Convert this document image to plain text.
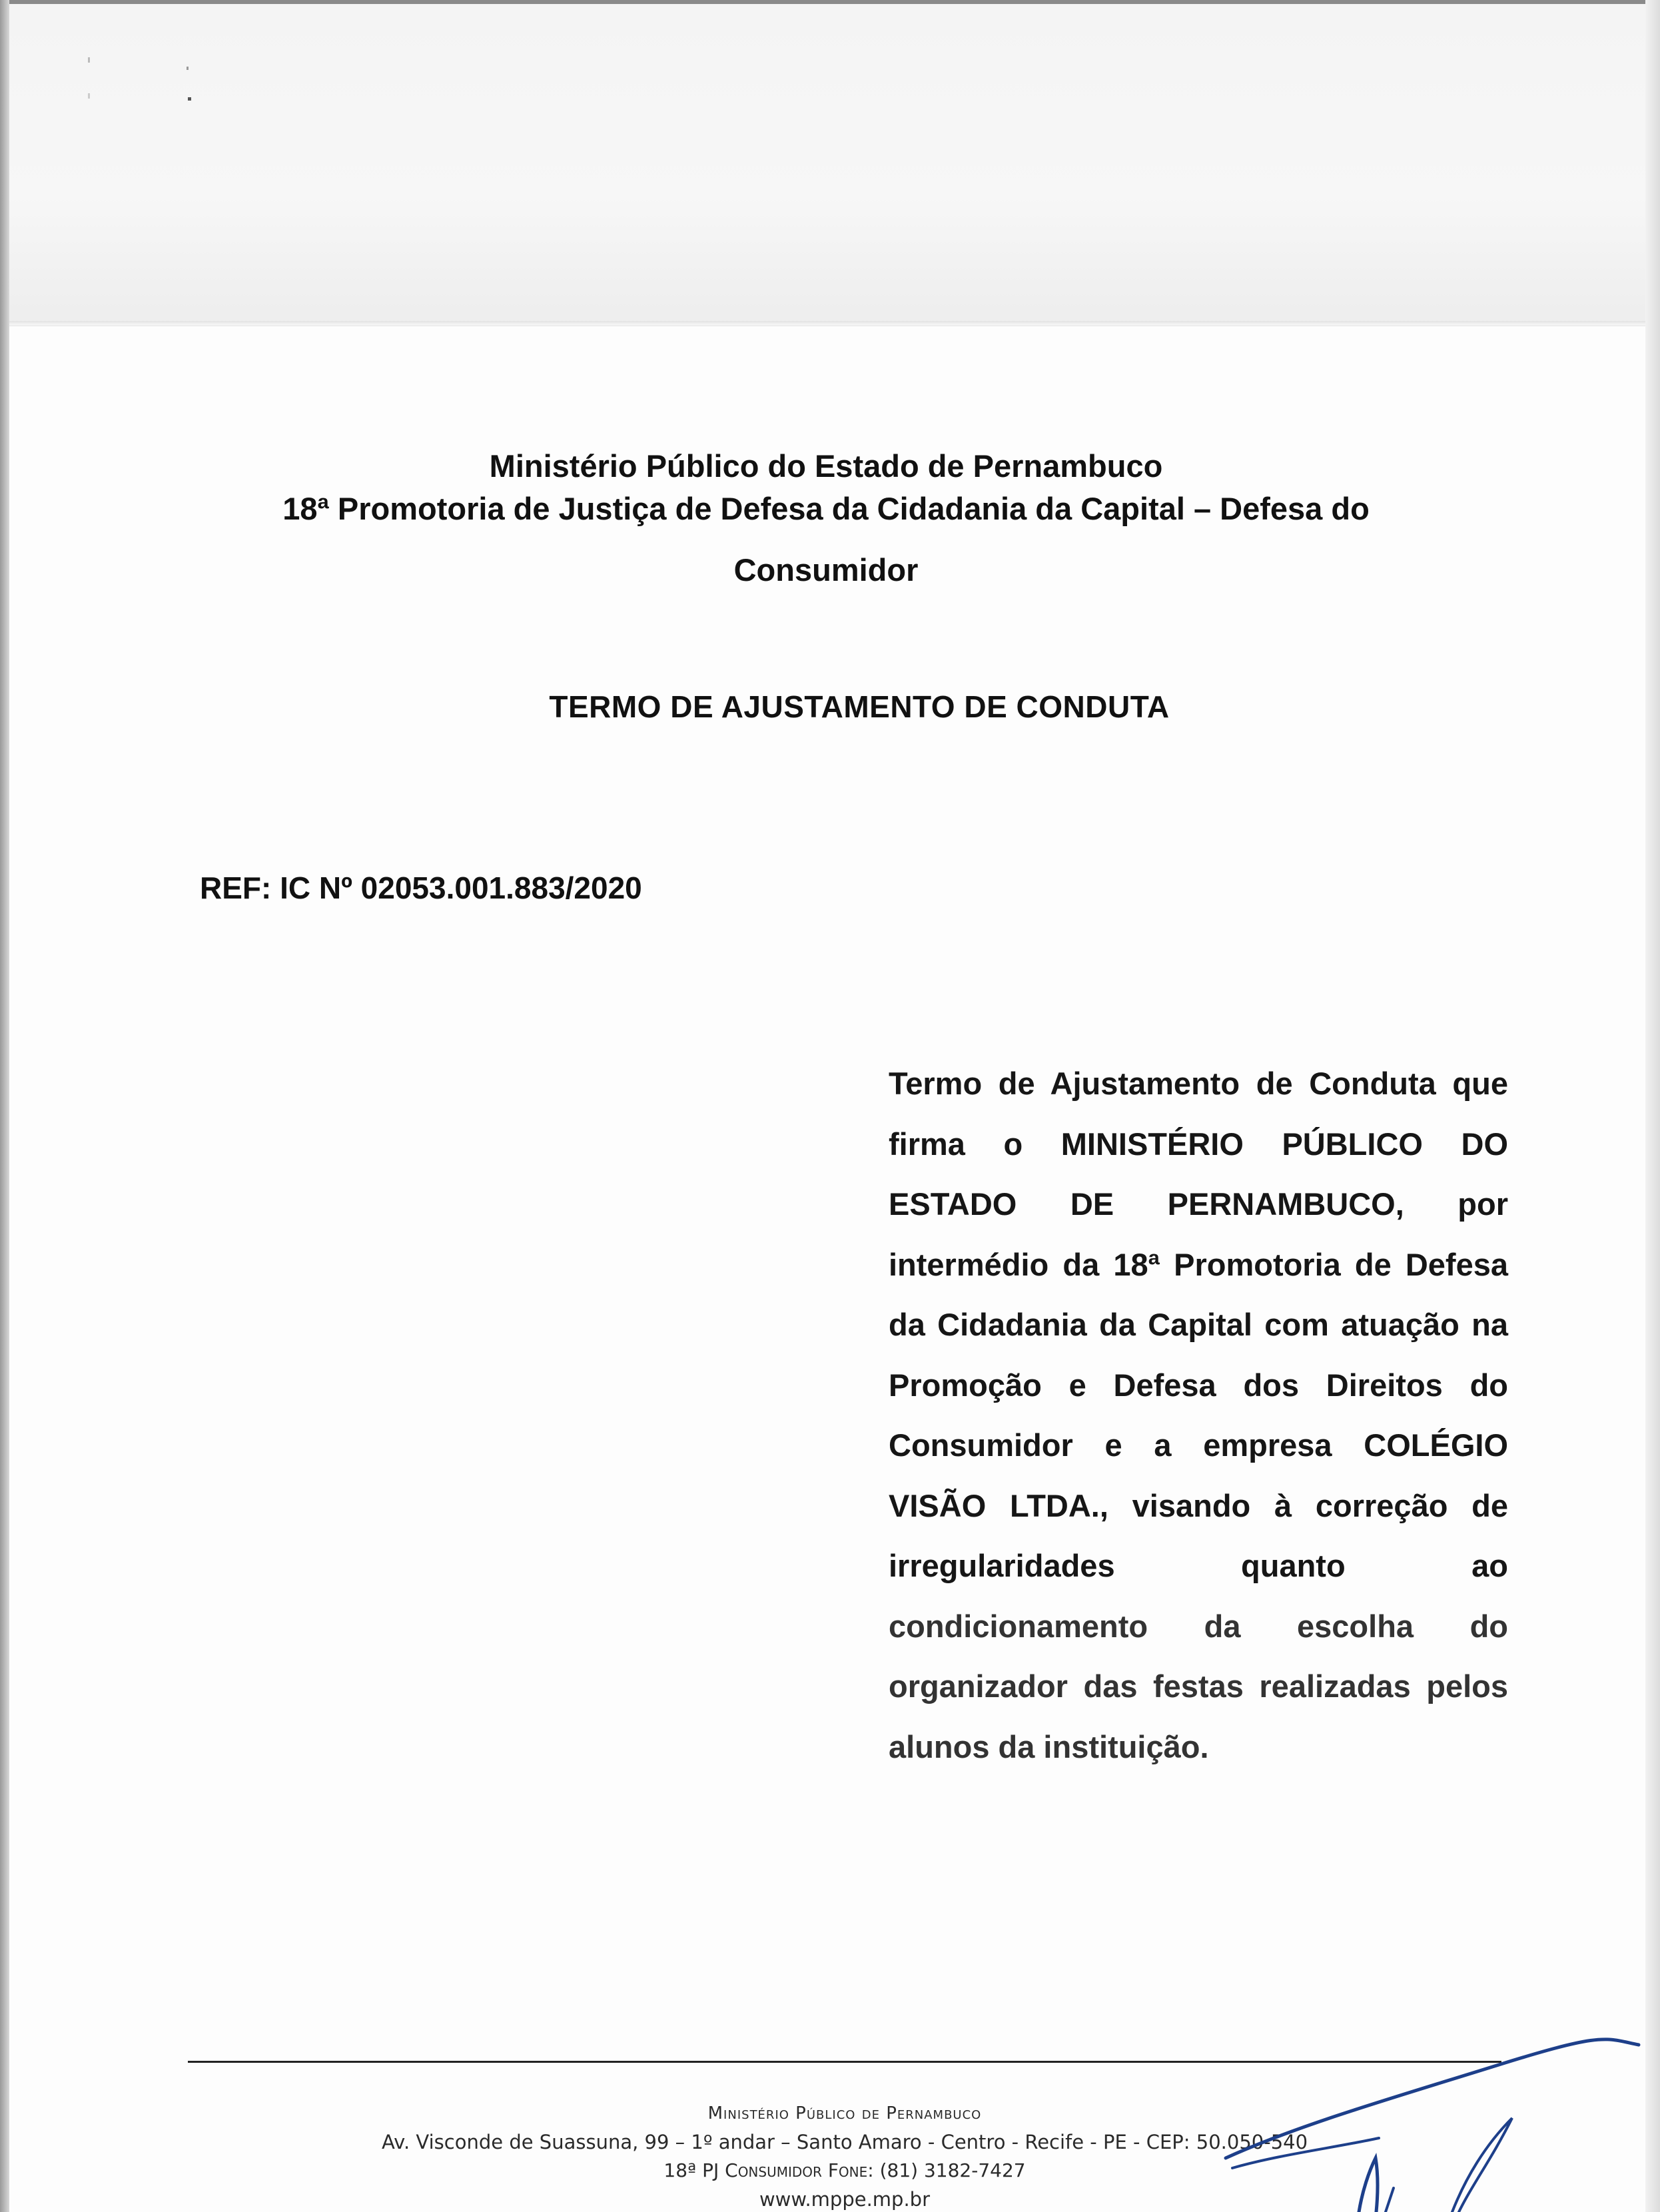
Ministério Público do Estado de Pernambuco
18ª Promotoria de Justiça de Defesa da Cidadania da Capital – Defesa do
Consumidor
TERMO DE AJUSTAMENTO DE CONDUTA
REF: IC Nº 02053.001.883/2020
Termo de Ajustamento de Conduta que firma o MINISTÉRIO PÚBLICO DO ESTADO DE PERNAMBUCO, por intermédio da 18ª Promotoria de Defesa da Cidadania da Capital com atuação na Promoção e Defesa dos Direitos do Consumidor e a empresa COLÉGIO VISÃO LTDA., visando à correção de irregularidades quanto ao condicionamento da escolha do organizador das festas realizadas pelos alunos da instituição.
Ministério Público de Pernambuco
Av. Visconde de Suassuna, 99 – 1º andar – Santo Amaro - Centro - Recife - PE - CEP: 50.050-540
18ª PJ Consumidor Fone: (81) 3182-7427
www.mppe.mp.br
